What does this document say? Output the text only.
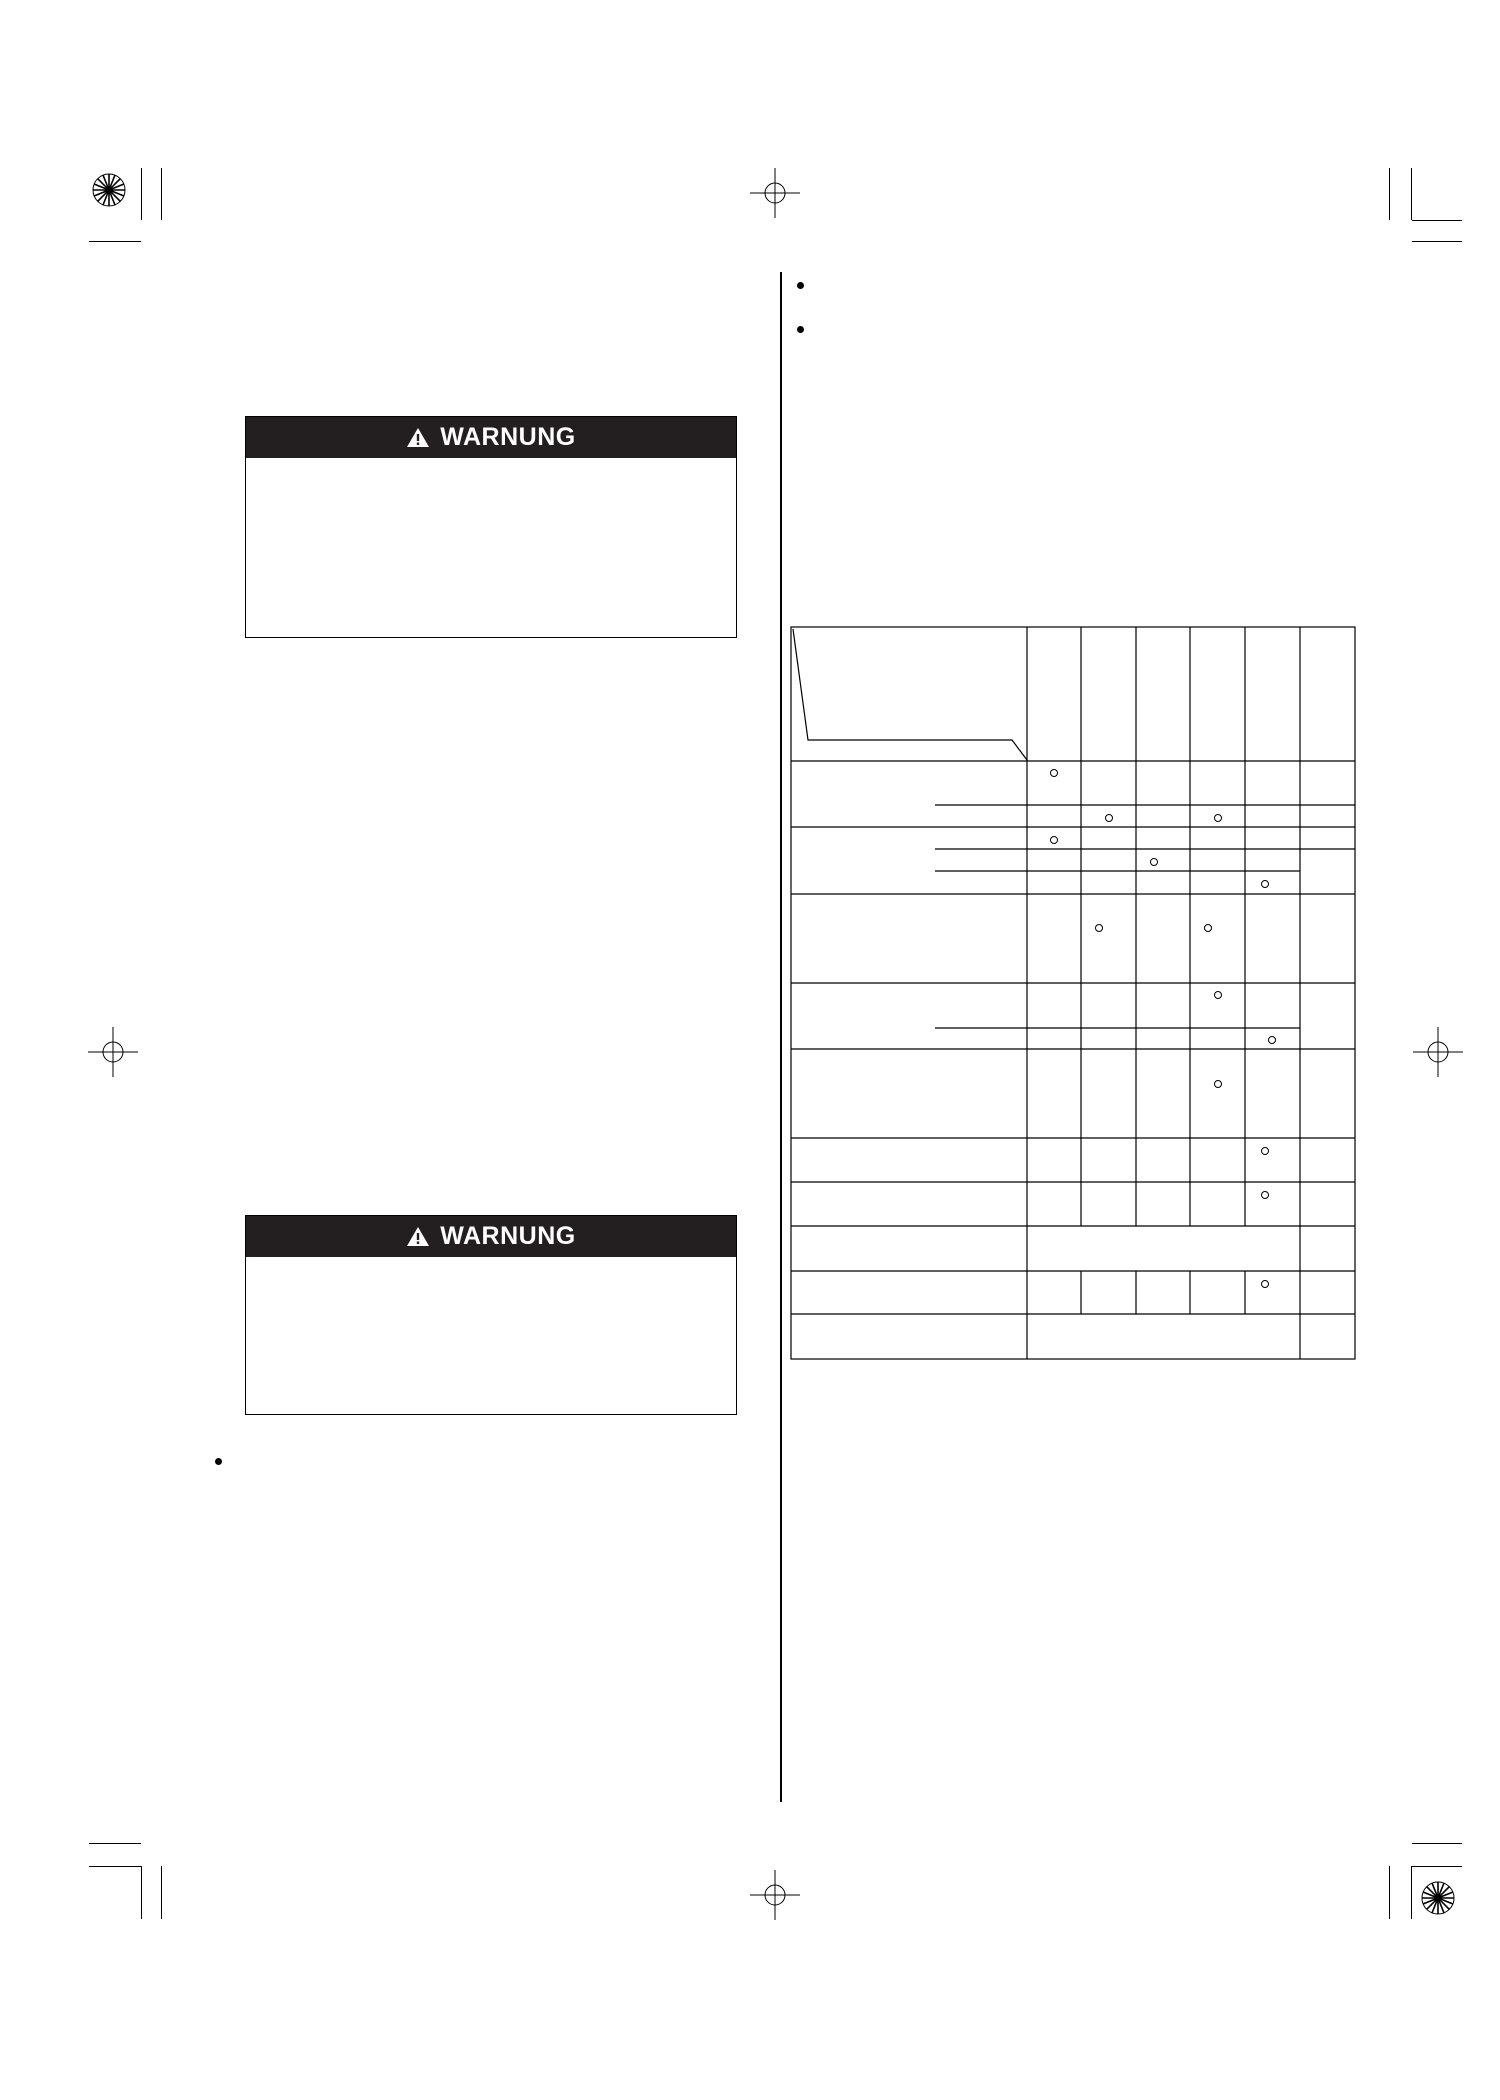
WARNUNG
WARNUNG
